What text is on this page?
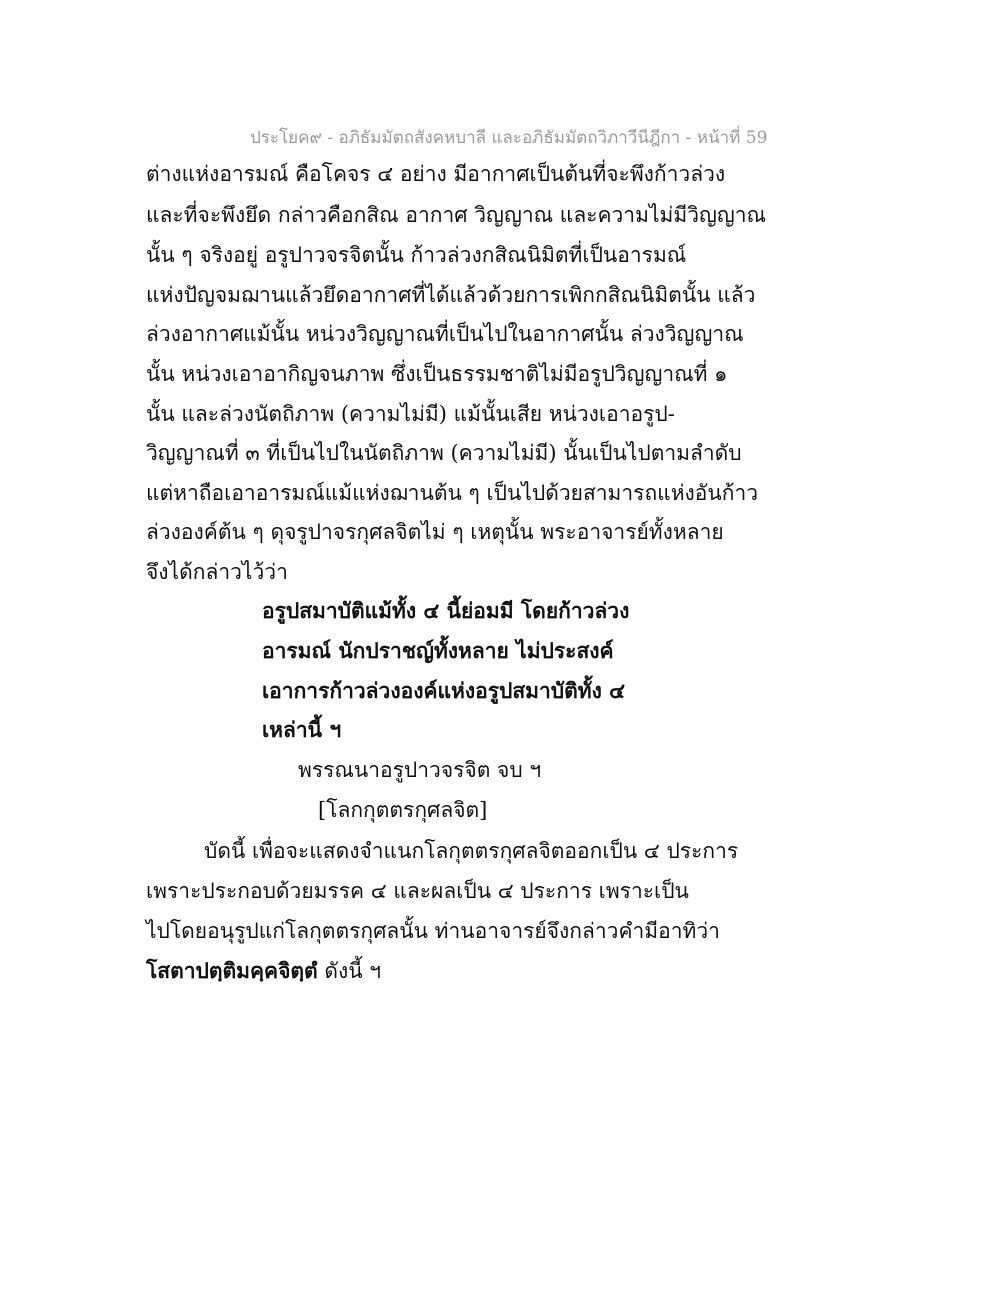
ประโยค๙ - อภิธัมมัตถสังคหบาลี และอภิธัมมัตถวิภาวีนีฎีกา - หน้าที่ 59
ต่างแห่งอารมณ์ คือโคจร ๔ อย่าง มีอากาศเป็นต้นที่จะพึงก้าวล่วง
และที่จะพึงยึด กล่าวคือกสิณ อากาศ วิญญาณ และความไม่มีวิญญาณ
นั้น ๆ จริงอยู่ อรูปาวจรจิตนั้น ก้าวล่วงกสิณนิมิตที่เป็นอารมณ์
แห่งปัญจมฌานแล้วยึดอากาศที่ได้แล้วด้วยการเพิกกสิณนิมิตนั้น แล้ว
ล่วงอากาศแม้นั้น หน่วงวิญญาณที่เป็นไปในอากาศนั้น ล่วงวิญญาณ
นั้น หน่วงเอาอากิญจนภาพ ซึ่งเป็นธรรมชาติไม่มีอรูปวิญญาณที่ ๑
นั้น และล่วงนัตถิภาพ (ความไม่มี) แม้นั้นเสีย หน่วงเอาอรูป-
วิญญาณที่ ๓ ที่เป็นไปในนัตถิภาพ (ความไม่มี) นั้นเป็นไปตามลำดับ
แต่หาถือเอาอารมณ์แม้แห่งฌานต้น ๆ เป็นไปด้วยสามารถแห่งอันก้าว
ล่วงองค์ต้น ๆ ดุจรูปาจรกุศลจิตไม่ ๆ เหตุนั้น พระอาจารย์ทั้งหลาย
จึงได้กล่าวไว้ว่า
อรูปสมาบัติแม้ทั้ง ๔ นี้ย่อมมี โดยก้าวล่วง
อารมณ์ นักปราชญ์ทั้งหลาย ไม่ประสงค์
เอาการก้าวล่วงองค์แห่งอรูปสมาบัติทั้ง ๔
เหล่านี้ ฯ
พรรณนาอรูปาวจรจิต จบ ฯ
[โลกกุตตรกุศลจิต]
บัดนี้ เพื่อจะแสดงจำแนกโลกุตตรกุศลจิตออกเป็น ๔ ประการ
เพราะประกอบด้วยมรรค ๔ และผลเป็น ๔ ประการ เพราะเป็น
ไปโดยอนุรูปแก่โลกุตตรกุศลนั้น ท่านอาจารย์จึงกล่าวคำมีอาทิว่า
โสตาปตฺติมคฺคจิตฺตํ ดังนี้ ฯ
